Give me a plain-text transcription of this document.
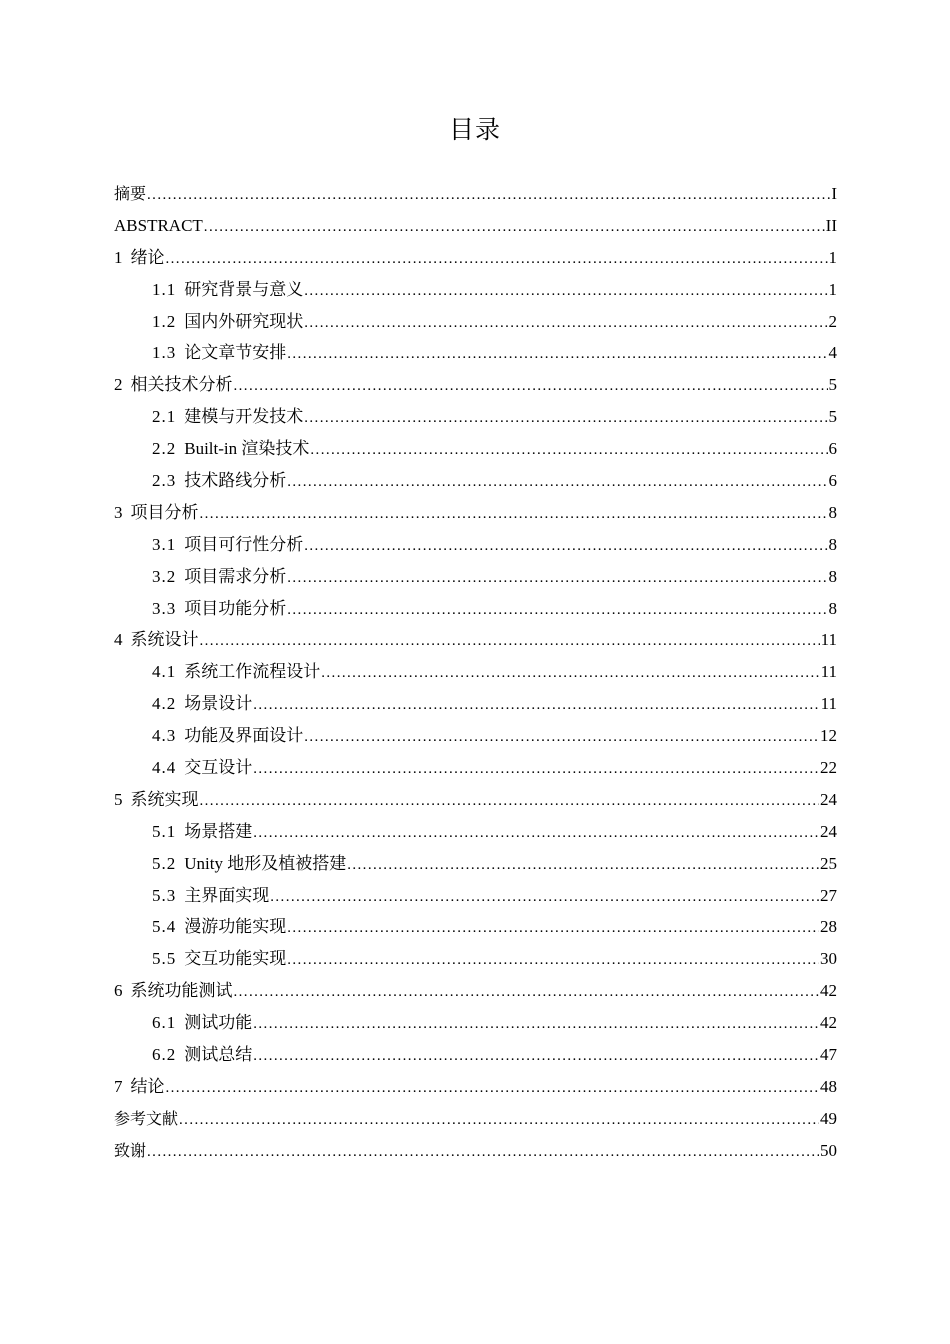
目录
摘要 .....	I
ABSTRACT .....	II
1 绪论 .....	1
1.1 研究背景与意义 .....	1
1.2 国内外研究现状 .....	2
1.3 论文章节安排 .....	4
2 相关技术分析 .....	5
2.1 建模与开发技术 .....	5
2.2 Built-in 渲染技术 .....	6
2.3 技术路线分析 .....	6
3 项目分析 .....	8
3.1 项目可行性分析 .....	8
3.2 项目需求分析 .....	8
3.3 项目功能分析 .....	8
4 系统设计 .....	11
4.1 系统工作流程设计 .....	11
4.2 场景设计 .....	11
4.3 功能及界面设计 .....	12
4.4 交互设计 .....	22
5 系统实现 .....	24
5.1 场景搭建 .....	24
5.2 Unity 地形及植被搭建 .....	25
5.3 主界面实现 .....	27
5.4 漫游功能实现 .....	28
5.5 交互功能实现 .....	30
6 系统功能测试 .....	42
6.1 测试功能 .....	42
6.2 测试总结 .....	47
7 结论 .....	48
参考文献 .....	49
致谢 .....	50
